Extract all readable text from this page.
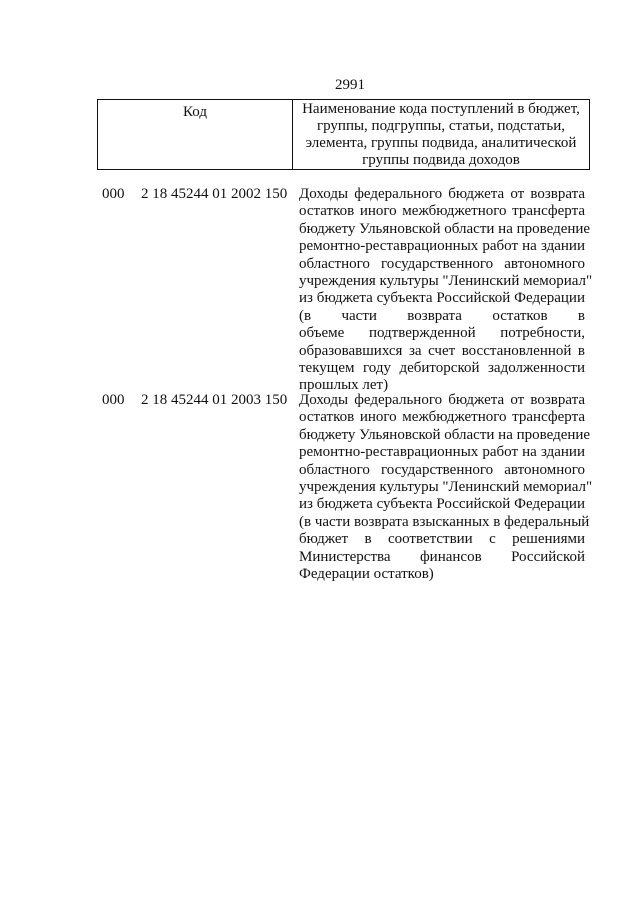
2991
Код	Наименование кода поступлений в бюджет, группы, подгруппы, статьи, подстатьи, элемента, группы подвида, аналитической группы подвида доходов
000 2 18 45244 01 2002 150 Доходы федерального бюджета от возврата
остатков иного межбюджетного трансферта
бюджету Ульяновской области на проведение
ремонтно-реставрационных работ на здании
областного государственного автономного
учреждения культуры "Ленинский мемориал"
из бюджета субъекта Российской Федерации
(в части возврата остатков в
объеме подтвержденной потребности,
образовавшихся за счет восстановленной в
текущем году дебиторской задолженности
прошлых лет)
000 2 18 45244 01 2003 150 Доходы федерального бюджета от возврата
остатков иного межбюджетного трансферта
бюджету Ульяновской области на проведение
ремонтно-реставрационных работ на здании
областного государственного автономного
учреждения культуры "Ленинский мемориал"
из бюджета субъекта Российской Федерации
(в части возврата взысканных в федеральный
бюджет в соответствии с решениями
Министерства финансов Российской
Федерации остатков)
